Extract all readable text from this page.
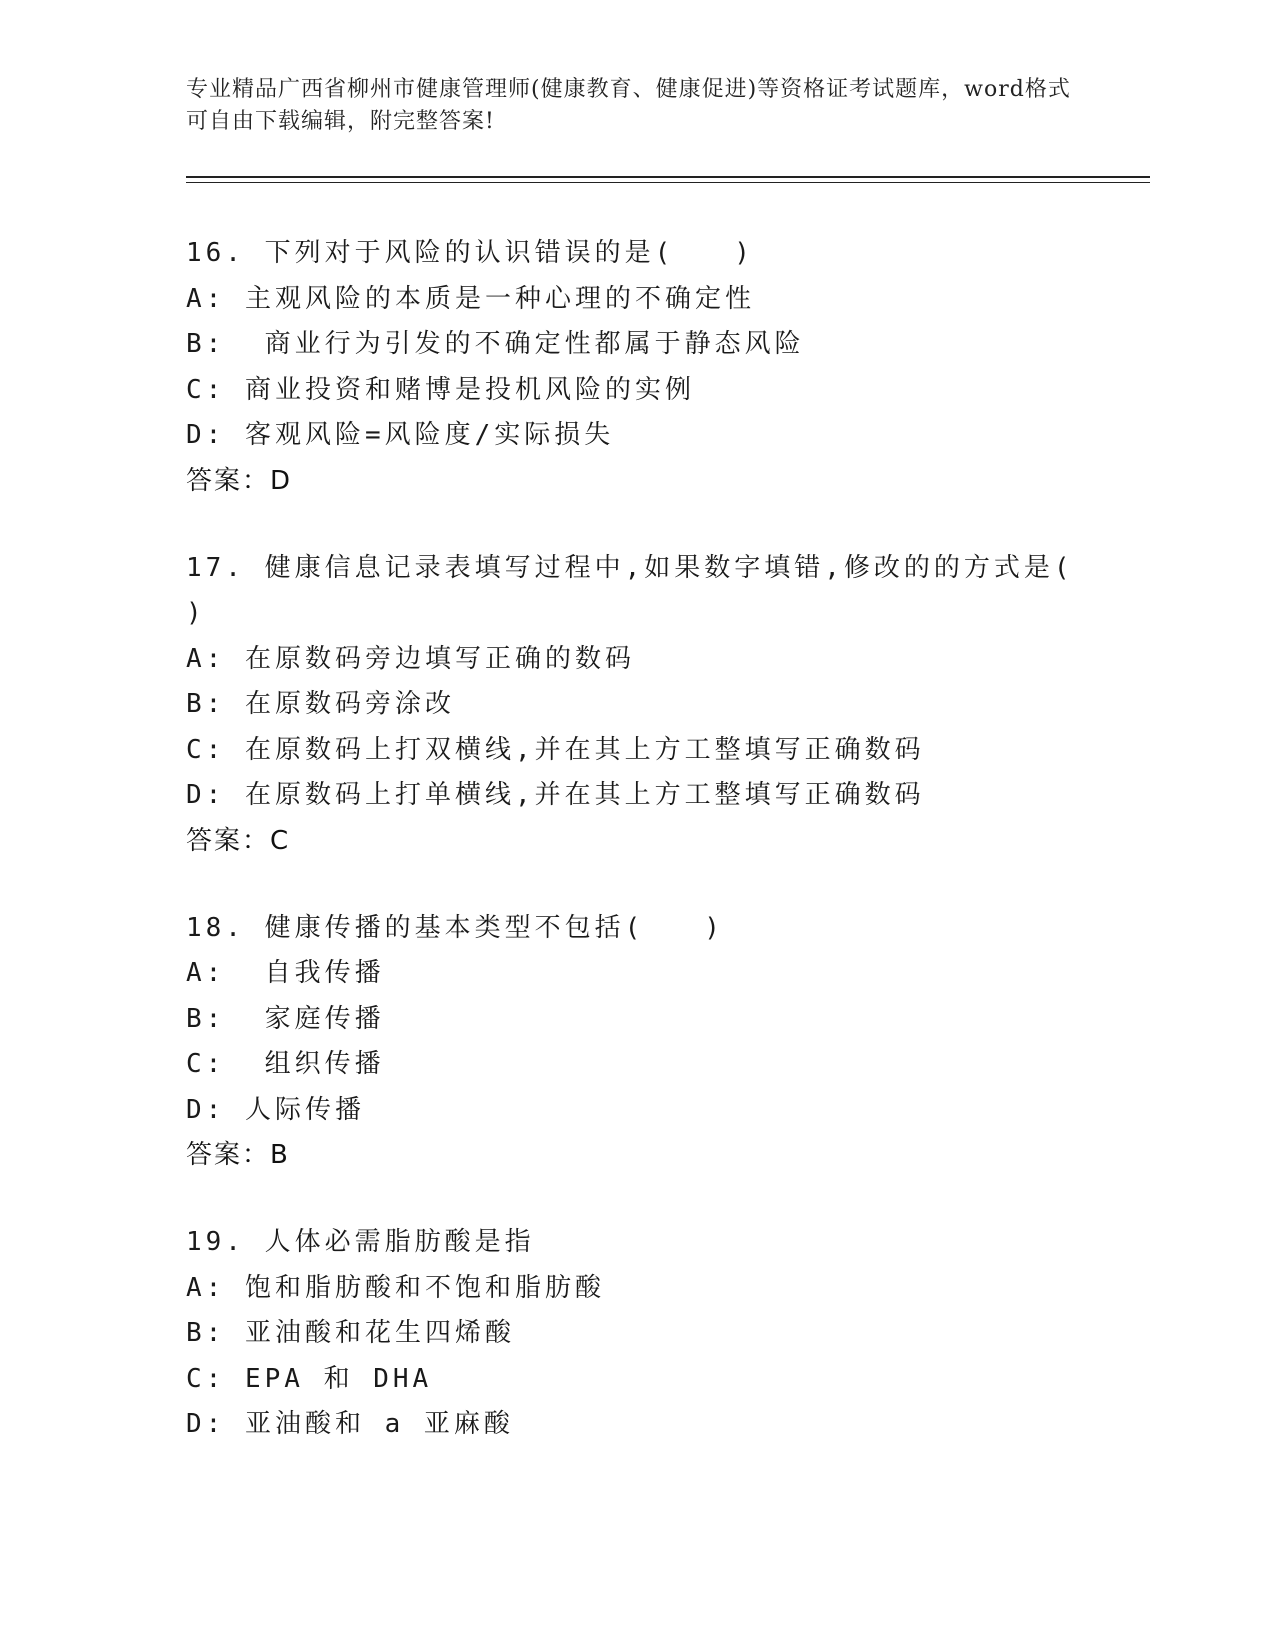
专业精品广西省柳州市健康管理师(健康教育、健康促进)等资格证考试题库，word格式可自由下载编辑，附完整答案!
16. 下列对于风险的认识错误的是(　　)
A: 主观风险的本质是一种心理的不确定性
B:  商业行为引发的不确定性都属于静态风险
C: 商业投资和赌博是投机风险的实例
D: 客观风险=风险度/实际损失
答案：D
17. 健康信息记录表填写过程中,如果数字填错,修改的的方式是(
)
A: 在原数码旁边填写正确的数码
B: 在原数码旁涂改
C: 在原数码上打双横线,并在其上方工整填写正确数码
D: 在原数码上打单横线,并在其上方工整填写正确数码
答案：C
18. 健康传播的基本类型不包括(　　)
A:  自我传播
B:  家庭传播
C:  组织传播
D: 人际传播
答案：B
19. 人体必需脂肪酸是指
A: 饱和脂肪酸和不饱和脂肪酸
B: 亚油酸和花生四烯酸
C: EPA 和 DHA
D: 亚油酸和 a 亚麻酸
